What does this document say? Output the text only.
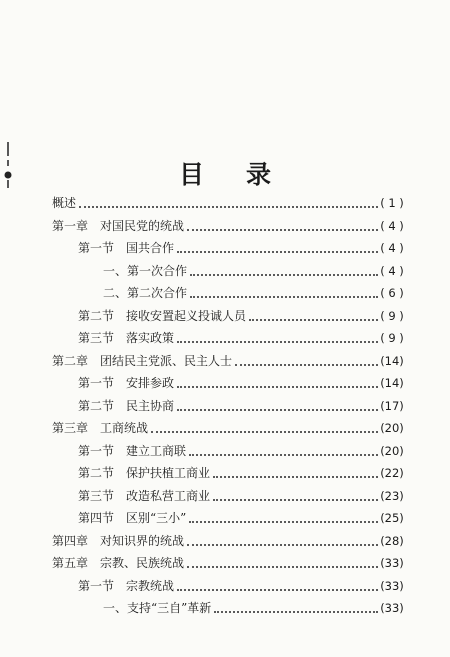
目录
概述	( 1 )
第一章　对国民党的统战	( 4 )
第一节　国共合作	( 4 )
一、第一次合作	( 4 )
二、第二次合作	( 6 )
第二节　接收安置起义投诚人员	( 9 )
第三节　落实政策	( 9 )
第二章　团结民主党派、民主人士	(14)
第一节　安排参政	(14)
第二节　民主协商	(17)
第三章　工商统战	(20)
第一节　建立工商联	(20)
第二节　保护扶植工商业	(22)
第三节　改造私营工商业	(23)
第四节　区别“三小”	(25)
第四章　对知识界的统战	(28)
第五章　宗教、民族统战	(33)
第一节　宗教统战	(33)
一、支持“三自”革新	(33)
